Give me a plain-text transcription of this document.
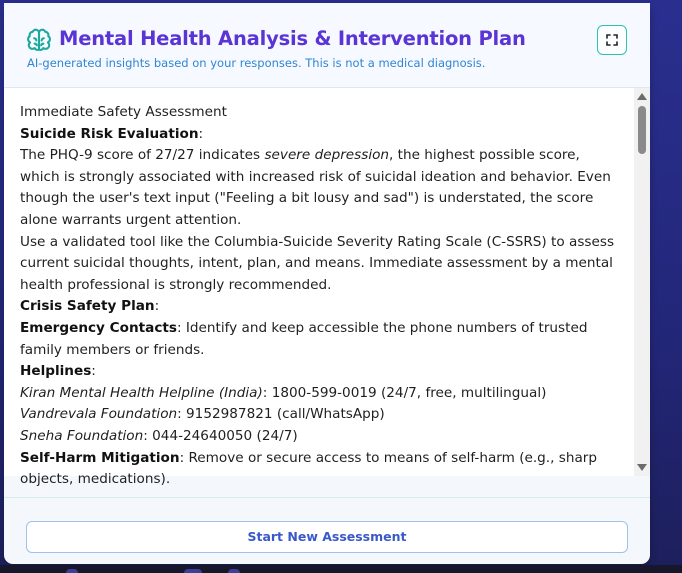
Mental Health Analysis & Intervention Plan
AI-generated insights based on your responses. This is not a medical diagnosis.

Immediate Safety Assessment

Suicide Risk Evaluation:

The PHQ-9 score of 27/27 indicates severe depression, the highest possible score, which is strongly associated with increased risk of suicidal ideation and behavior. Even though the user's text input ("Feeling a bit lousy and sad") is understated, the score alone warrants urgent attention.

Use a validated tool like the Columbia-Suicide Severity Rating Scale (C-SSRS) to assess current suicidal thoughts, intent, plan, and means. Immediate assessment by a mental health professional is strongly recommended.

Crisis Safety Plan:

Emergency Contacts: Identify and keep accessible the phone numbers of trusted family members or friends.

Helplines:

Kiran Mental Health Helpline (India): 1800-599-0019 (24/7, free, multilingual)

Vandrevala Foundation: 9152987821 (call/WhatsApp)

Sneha Foundation: 044-24640050 (24/7)

Self-Harm Mitigation: Remove or secure access to means of self-harm (e.g., sharp objects, medications).

Start New Assessment
